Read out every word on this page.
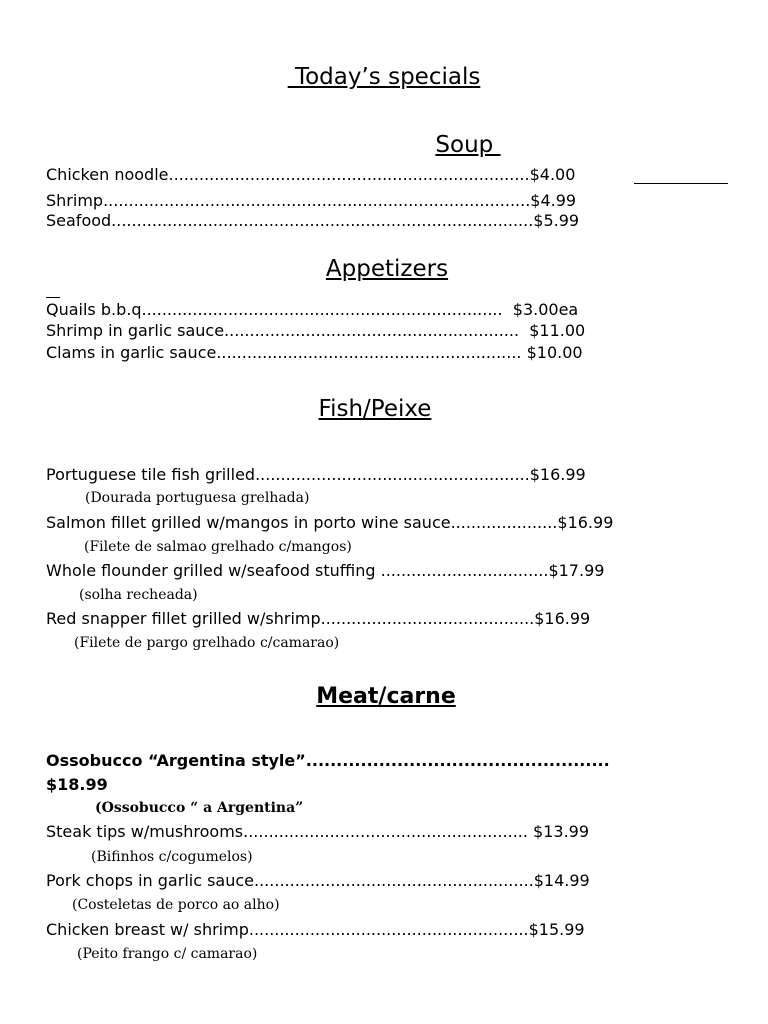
Today’s specials
Soup
Chicken noodle.......................................................................$4.00
Shrimp....................................................................................$4.99
Seafood...................................................................................$5.99
Appetizers
Quails b.b.q.......................................................................  $3.00ea
Shrimp in garlic sauce..........................................................  $11.00
Clams in garlic sauce............................................................ $10.00
Fish/Peixe
Portuguese tile fish grilled......................................................$16.99
(Dourada portuguesa grelhada)
Salmon fillet grilled w/mangos in porto wine sauce.....................$16.99
(Filete de salmao grelhado c/mangos)
Whole flounder grilled w/seafood stuffing .................................$17.99
(solha recheada)
Red snapper fillet grilled w/shrimp..........................................$16.99
(Filete de pargo grelhado c/camarao)
Meat/carne
Ossobucco “Argentina style”..................................................
$18.99
(Ossobucco “ a Argentina”
Steak tips w/mushrooms........................................................ $13.99
(Bifinhos c/cogumelos)
Pork chops in garlic sauce.......................................................$14.99
(Costeletas de porco ao alho)
Chicken breast w/ shrimp.......................................................$15.99
(Peito frango c/ camarao)
